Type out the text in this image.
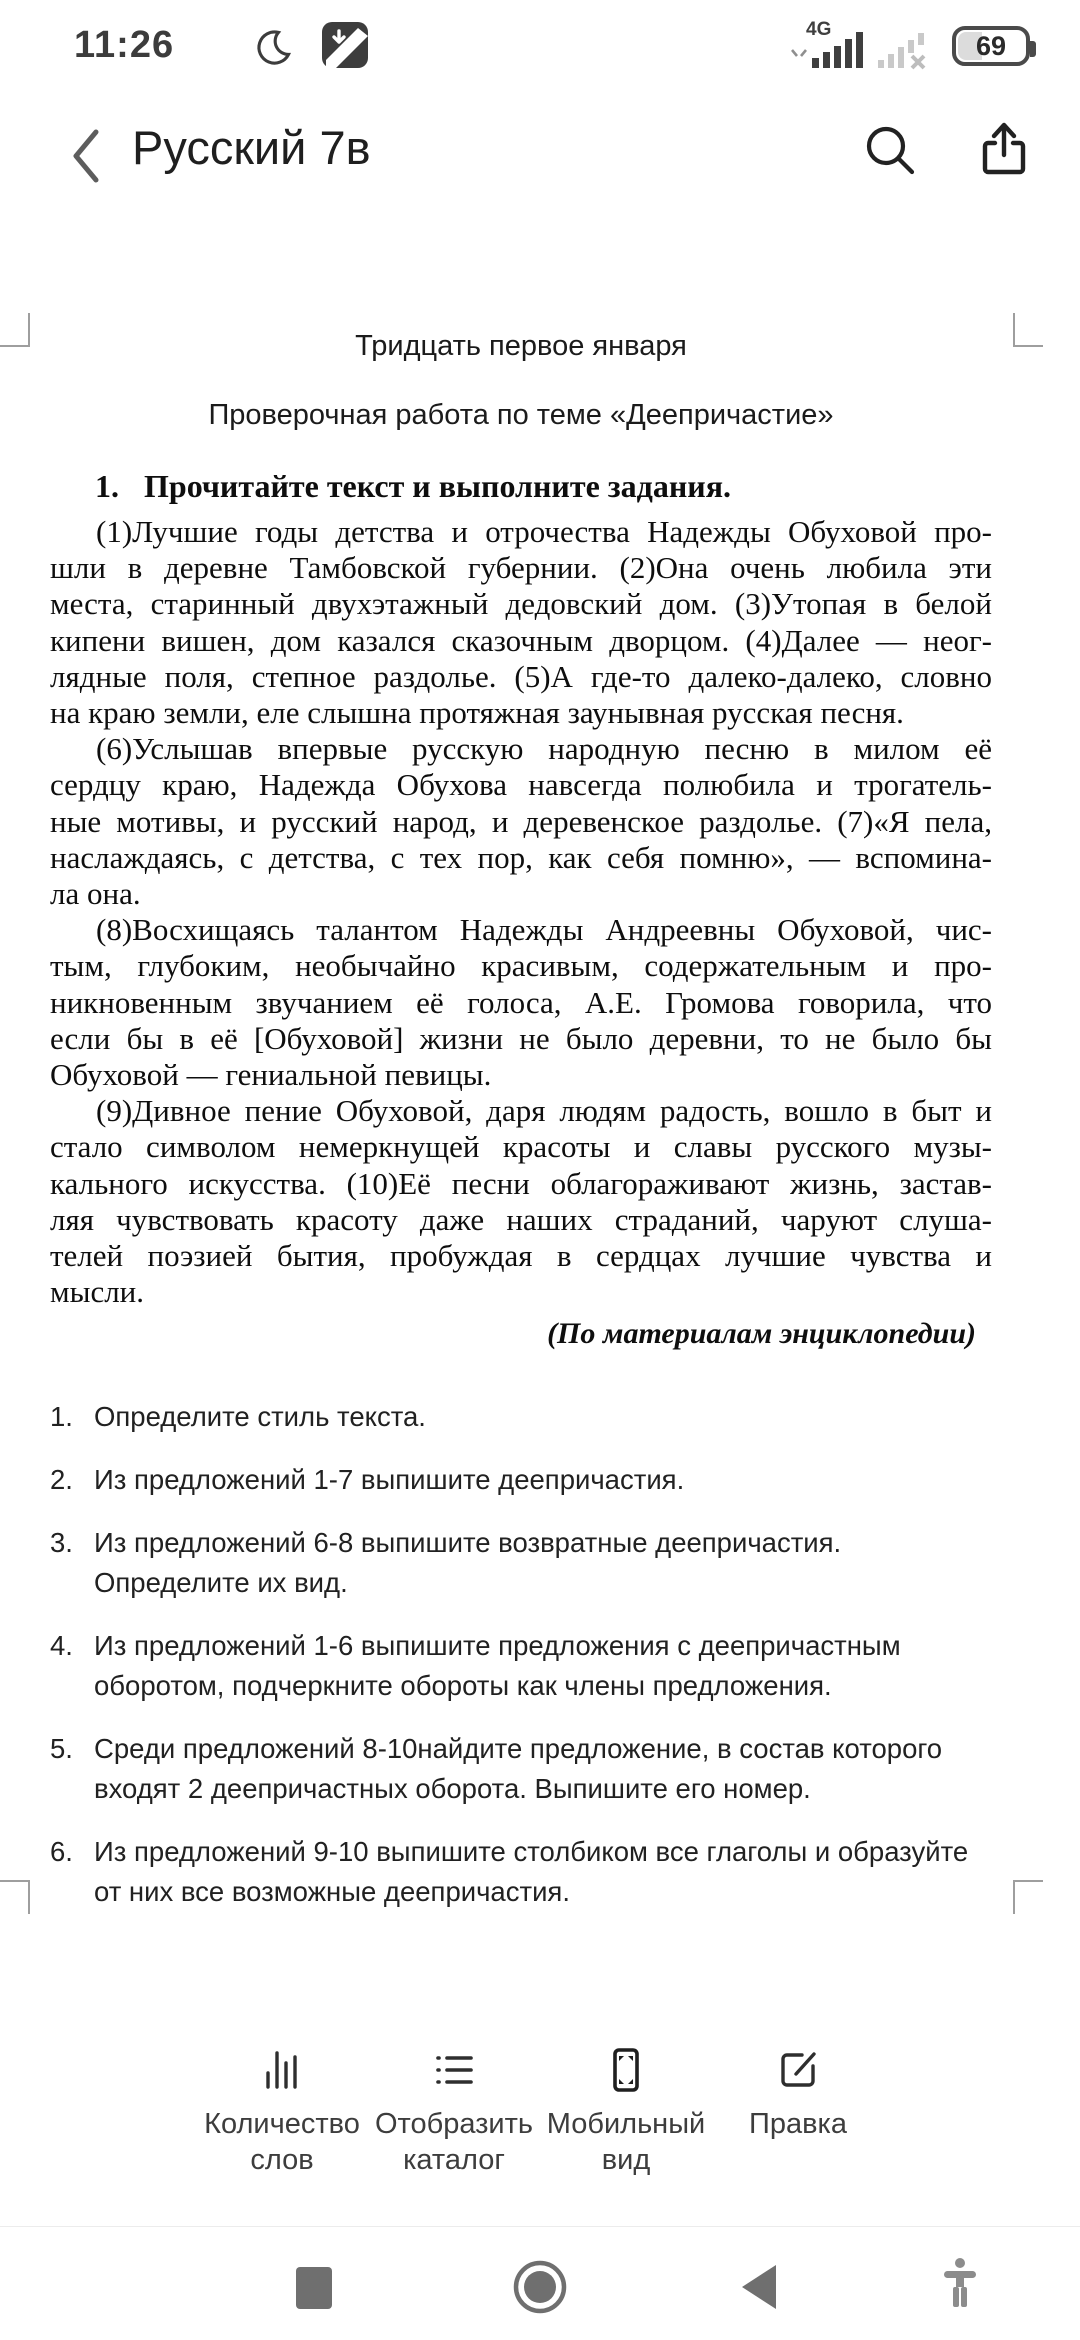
11:26	4G
69
Русский 7в
Тридцать первое января
Проверочная работа по теме «Деепричастие»
1. Прочитайте текст и выполните задания.
(1)Лучшие годы детства и отрочества Надежды Обуховой про-
шли в деревне Тамбовской губернии. (2)Она очень любила эти
места, старинный двухэтажный дедовский дом. (3)Утопая в белой
кипени вишен, дом казался сказочным дворцом. (4)Далее — неог-
лядные поля, степное раздолье. (5)А где-то далеко-далеко, словно
на краю земли, еле слышна протяжная заунывная русская песня.
(6)Услышав впервые русскую народную песню в милом её
сердцу краю, Надежда Обухова навсегда полюбила и трогатель-
ные мотивы, и русский народ, и деревенское раздолье. (7)«Я пела,
наслаждаясь, с детства, с тех пор, как себя помню», — вспомина-
ла она.
(8)Восхищаясь талантом Надежды Андреевны Обуховой, чис-
тым, глубоким, необычайно красивым, содержательным и про-
никновенным звучанием её голоса, А.Е. Громова говорила, что
если бы в её [Обуховой] жизни не было деревни, то не было бы
Обуховой — гениальной певицы.
(9)Дивное пение Обуховой, даря людям радость, вошло в быт и
стало символом немеркнущей красоты и славы русского музы-
кального искусства. (10)Её песни облагораживают жизнь, застав-
ляя чувствовать красоту даже наших страданий, чаруют слуша-
телей поэзией бытия, пробуждая в сердцах лучшие чувства и
мысли.
(По материалам энциклопедии)
1. Определите стиль текста.
2. Из предложений 1-7 выпишите деепричастия.
3. Из предложений 6-8 выпишите возвратные деепричастия. Определите их вид.
4. Из предложений 1-6 выпишите предложения с деепричастным оборотом, подчеркните обороты как члены предложения.
5. Среди предложений 8-10найдите предложение, в состав которого входят 2 деепричастных оборота. Выпишите его номер.
6. Из предложений 9-10 выпишите столбиком все глаголы и образуйте от них все возможные деепричастия.
Количество слов
Отобразить каталог
Мобильный вид
Правка
